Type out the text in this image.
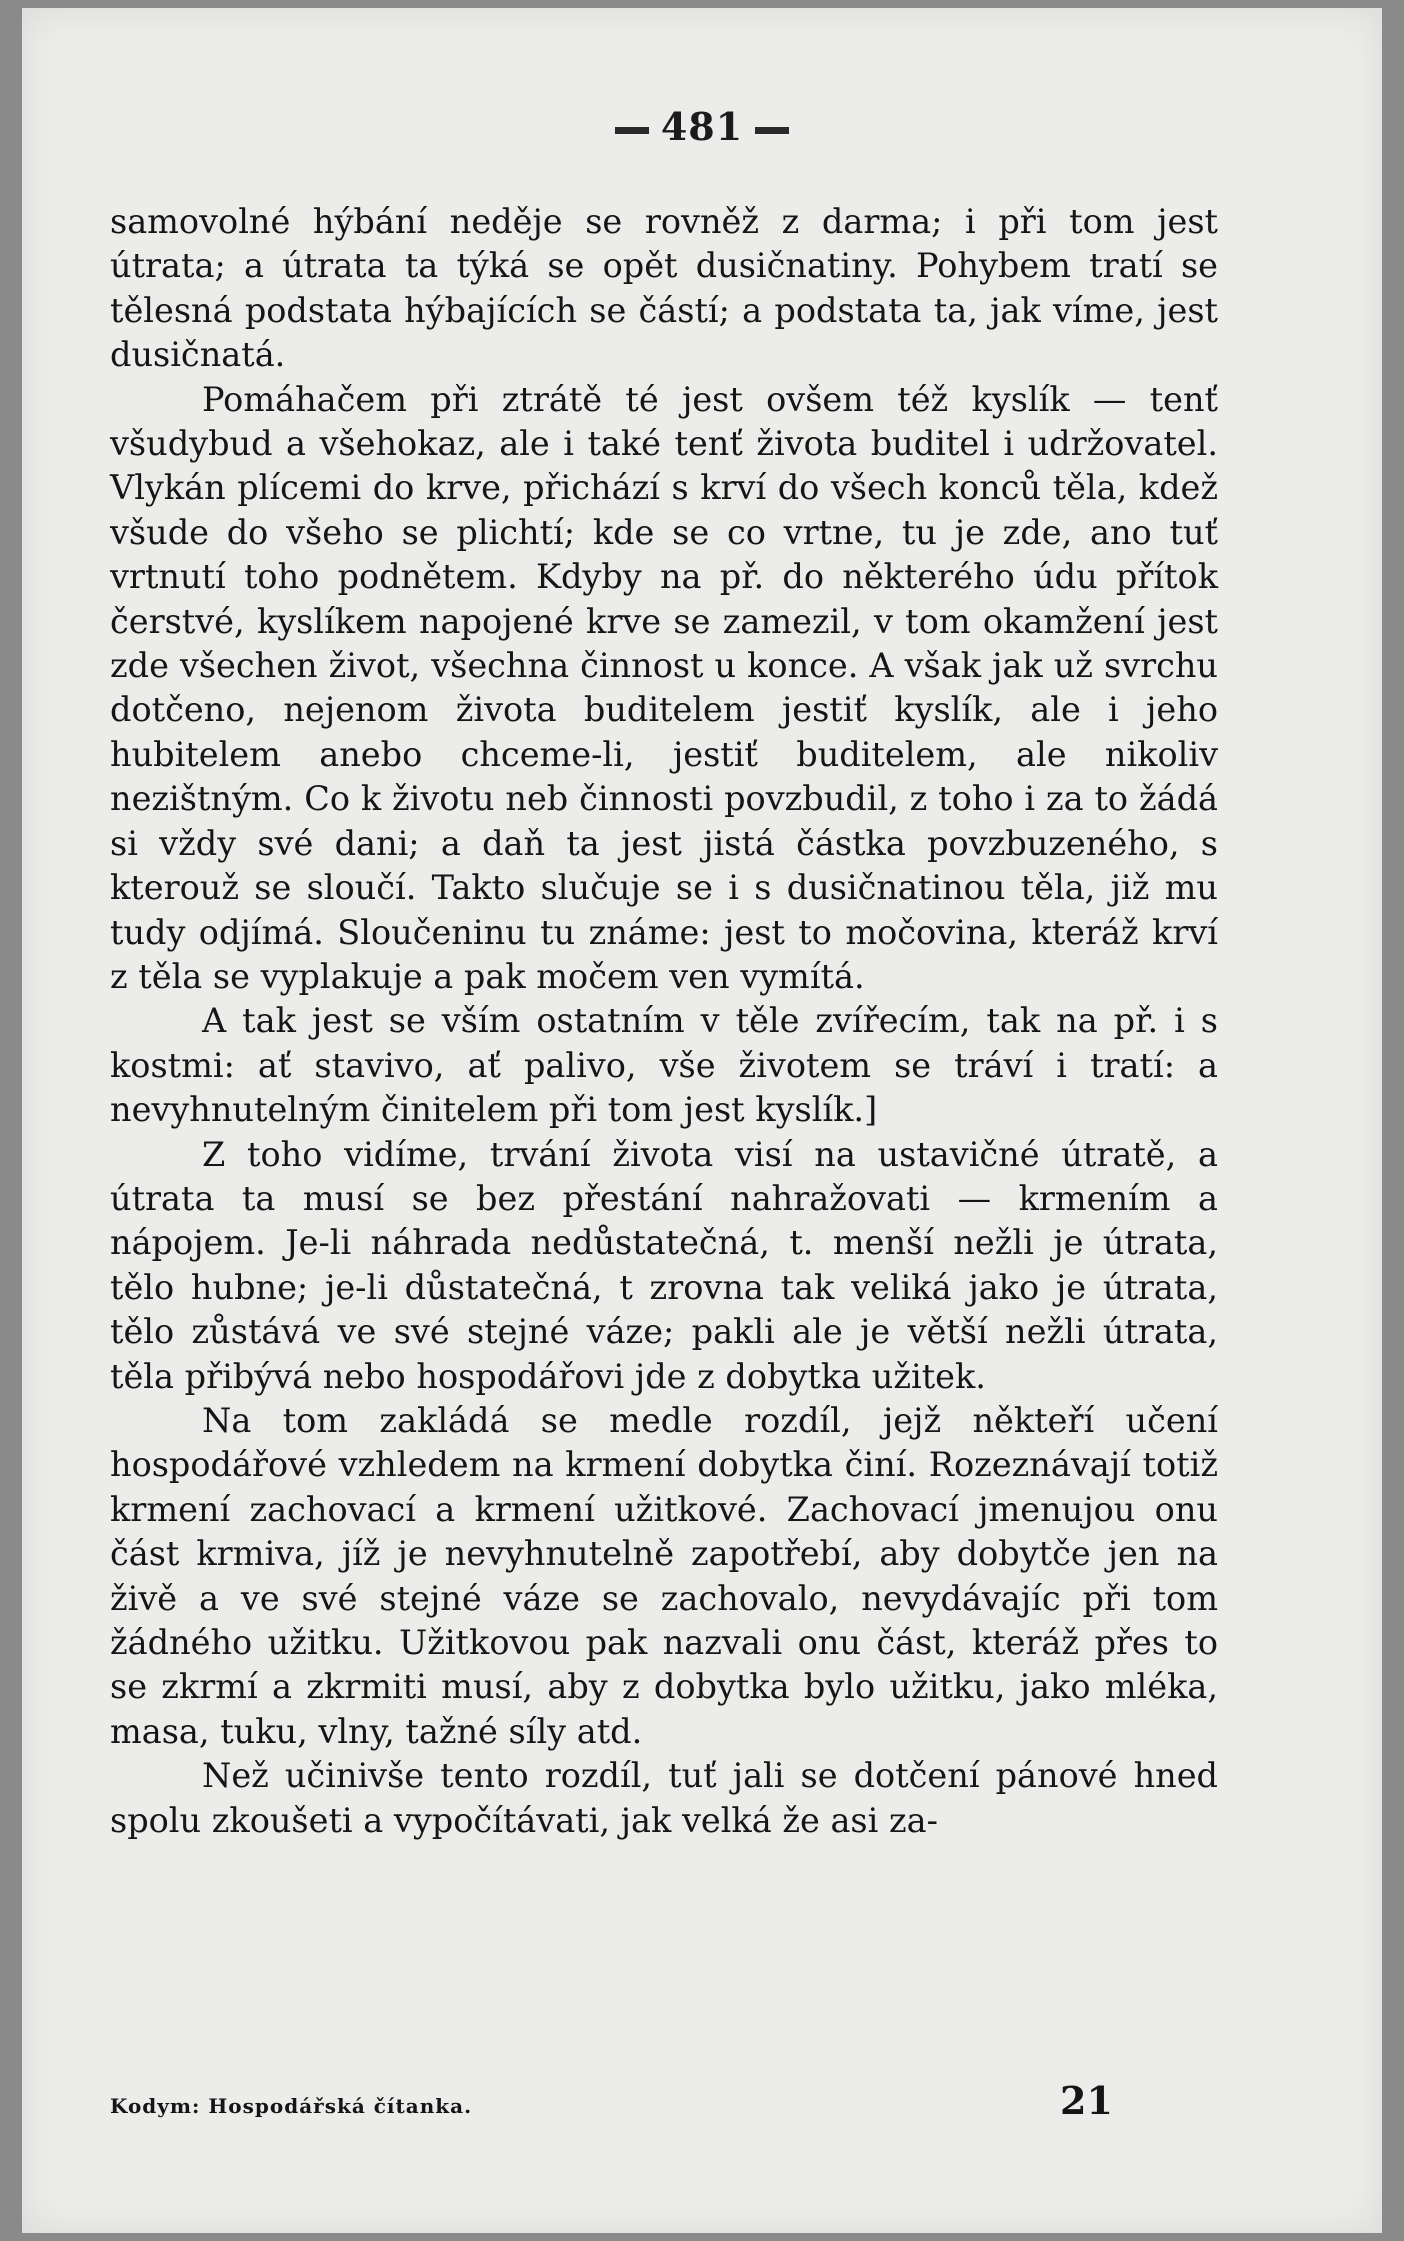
481

samovolné hýbání neděje se rovněž z darma; i při tom jest útrata; a útrata ta týká se opět dusičnatiny. Pohybem tratí se tělesná podstata hýbajících se částí; a podstata ta, jak víme, jest dusičnatá.

Pomáhačem při ztrátě té jest ovšem též kyslík — tenť všudybud a všehokaz, ale i také tenť života buditel i udržovatel. Vlykán plícemi do krve, přichází s krví do všech konců těla, kdež všude do všeho se plichtí; kde se co vrtne, tu je zde, ano tuť vrtnutí toho podnětem. Kdyby na př. do některého údu přítok čerstvé, kyslíkem napojené krve se zamezil, v tom okamžení jest zde všechen život, všechna činnost u konce. A však jak už svrchu dotčeno, nejenom života buditelem jestiť kyslík, ale i jeho hubitelem anebo chceme-li, jestiť buditelem, ale nikoliv nezištným. Co k životu neb činnosti povzbudil, z toho i za to žádá si vždy své dani; a daň ta jest jistá částka povzbuzeného, s kterouž se sloučí. Takto slučuje se i s dusičnatinou těla, již mu tudy odjímá. Sloučeninu tu známe: jest to močovina, kteráž krví z těla se vyplakuje a pak močem ven vymítá.

A tak jest se vším ostatním v těle zvířecím, tak na př. i s kostmi: ať stavivo, ať palivo, vše životem se tráví i tratí: a nevyhnutelným činitelem při tom jest kyslík.]

Z toho vidíme, trvání života visí na ustavičné útratě, a útrata ta musí se bez přestání nahražovati — krmením a nápojem. Je-li náhrada nedůstatečná, t. menší nežli je útrata, tělo hubne; je-li důstatečná, t zrovna tak veliká jako je útrata, tělo zůstává ve své stejné váze; pakli ale je větší nežli útrata, těla přibývá nebo hospodářovi jde z dobytka užitek.

Na tom zakládá se medle rozdíl, jejž někteří učení hospodářové vzhledem na krmení dobytka činí. Rozeznávají totiž krmení zachovací a krmení užitkové. Zachovací jmenujou onu část krmiva, jíž je nevyhnutelně zapotřebí, aby dobytče jen na živě a ve své stejné váze se zachovalo, nevydávajíc při tom žádného užitku. Užitkovou pak nazvali onu část, kteráž přes to se zkrmí a zkrmiti musí, aby z dobytka bylo užitku, jako mléka, masa, tuku, vlny, tažné síly atd.

Než učinivše tento rozdíl, tuť jali se dotčení pánové hned spolu zkoušeti a vypočítávati, jak velká že asi za-

Kodym: Hospodářská čítanka.	21
